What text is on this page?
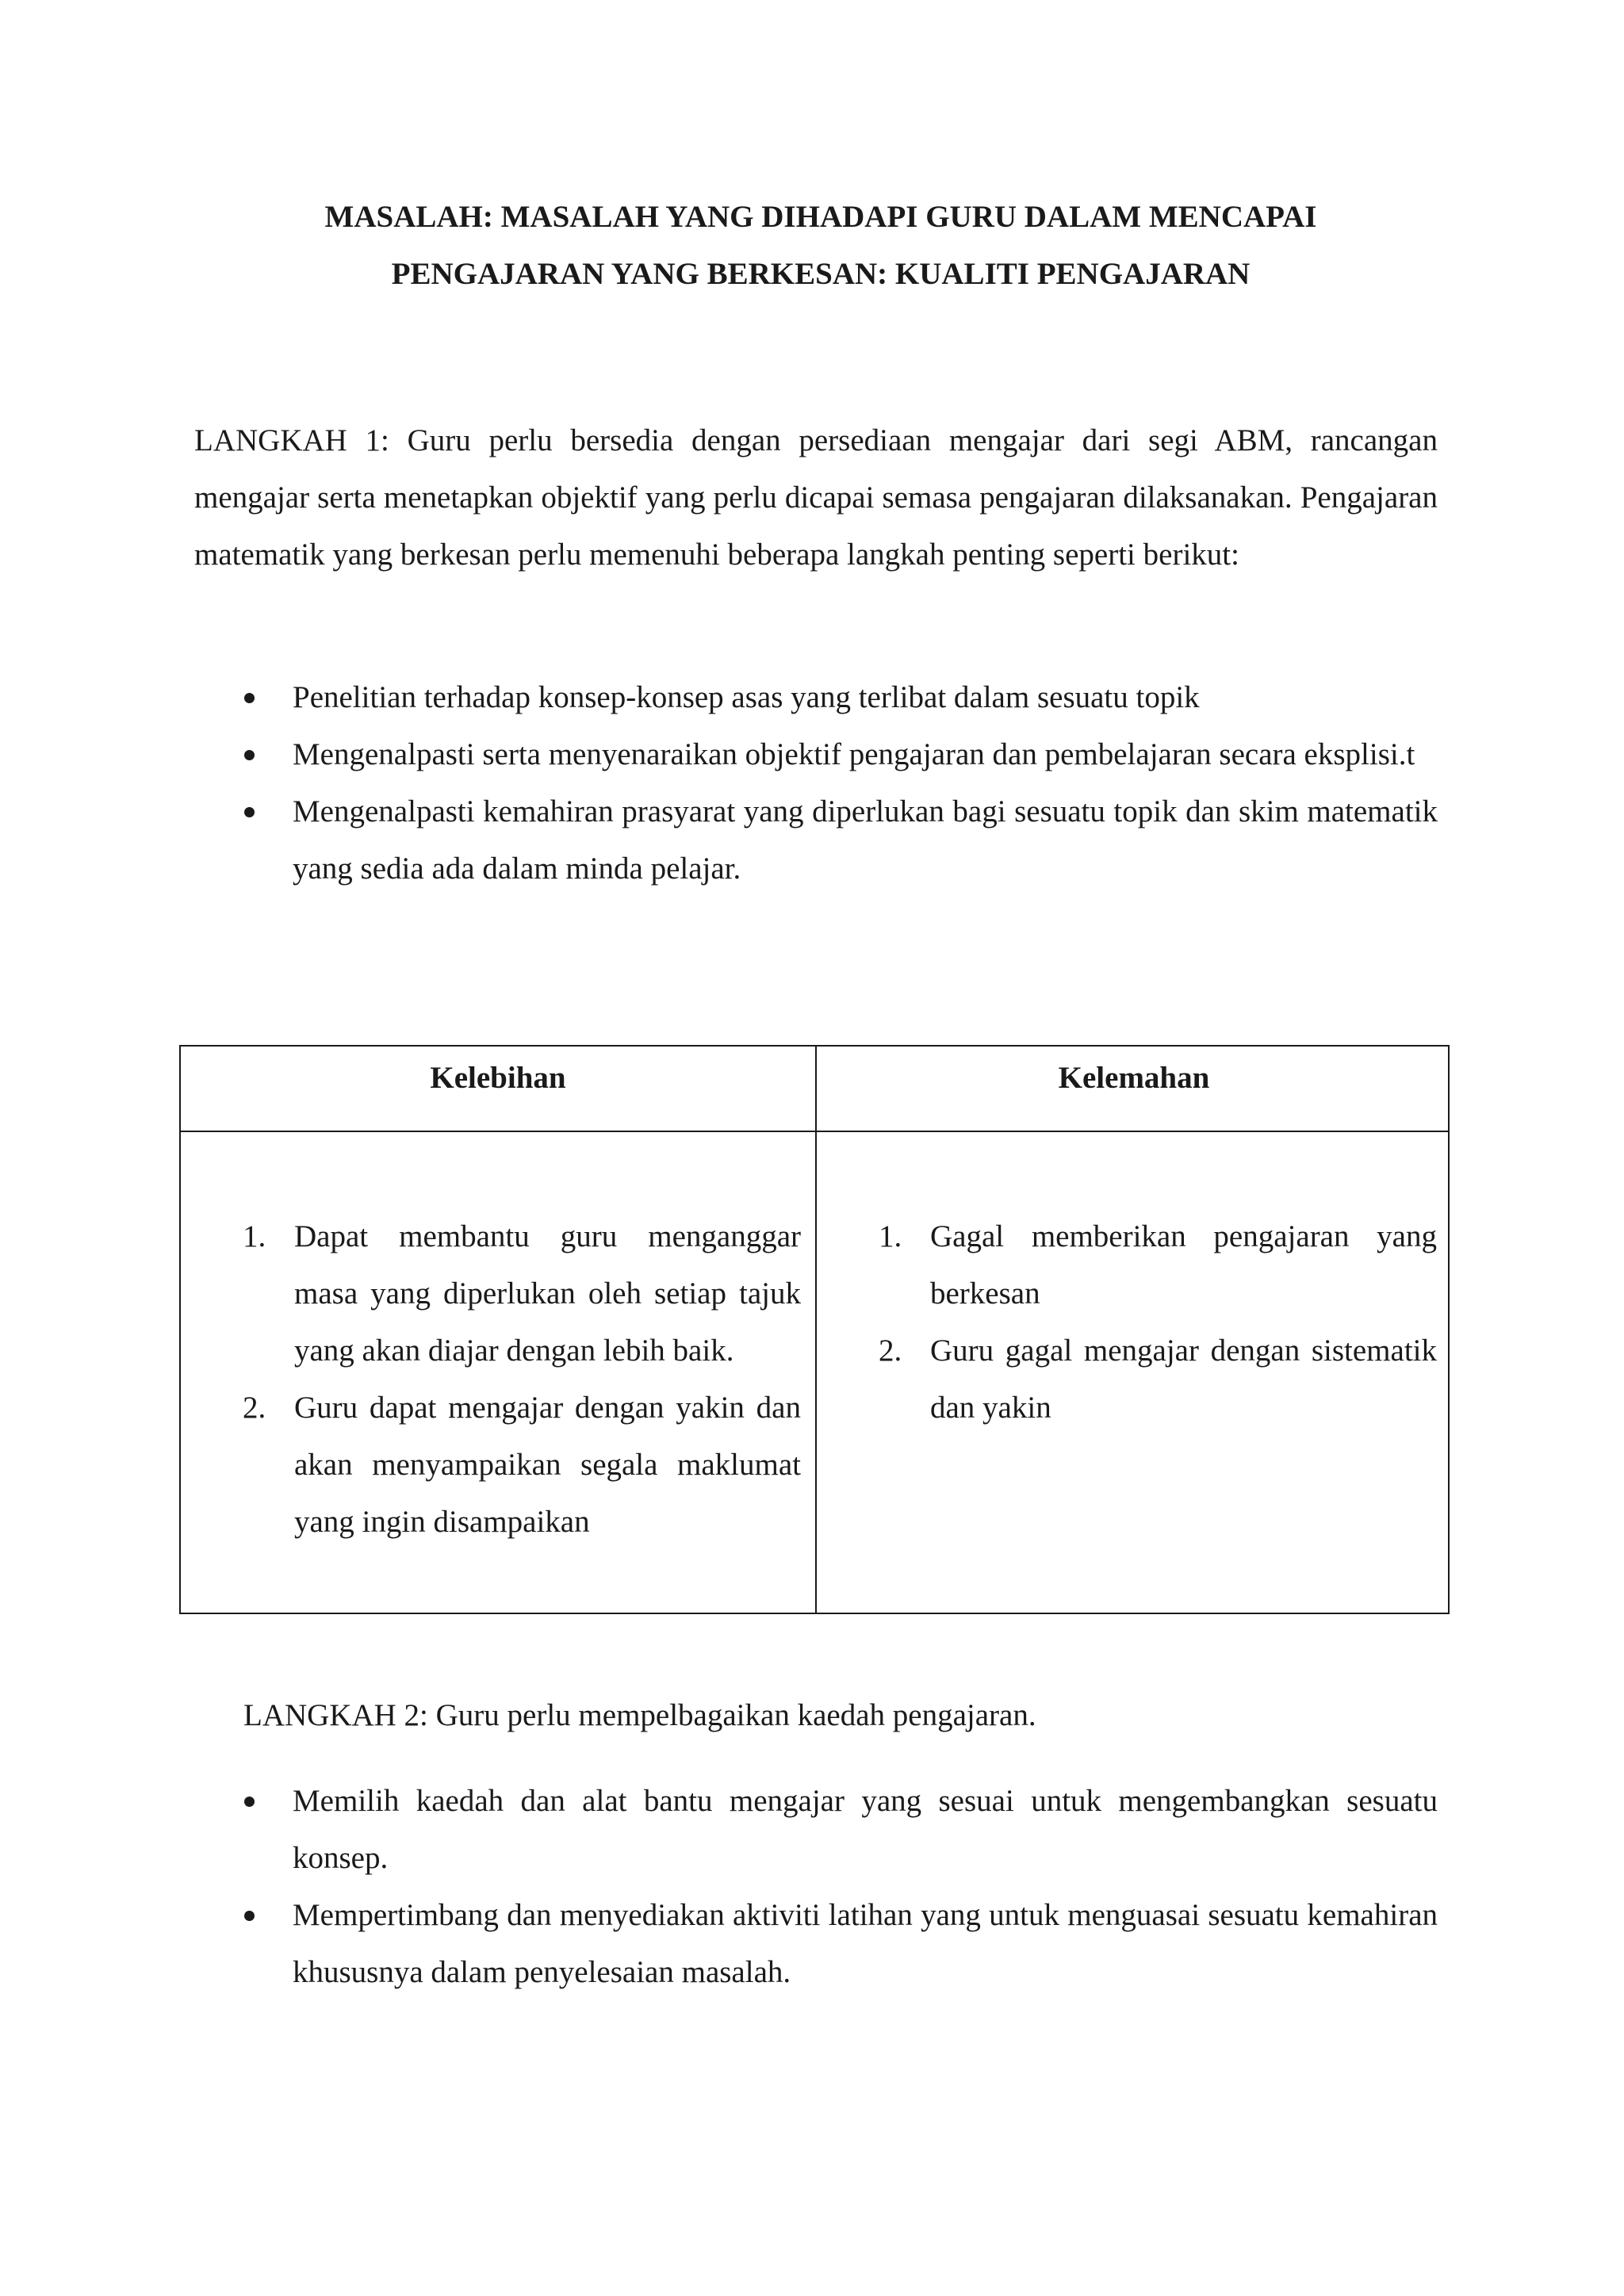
MASALAH: MASALAH YANG DIHADAPI GURU DALAM MENCAPAI
PENGAJARAN YANG BERKESAN: KUALITI PENGAJARAN

LANGKAH 1: Guru perlu bersedia dengan persediaan mengajar dari segi ABM, rancangan mengajar serta menetapkan objektif yang perlu dicapai semasa pengajaran dilaksanakan. Pengajaran matematik yang berkesan perlu memenuhi beberapa langkah penting seperti berikut:

Penelitian terhadap konsep-konsep asas yang terlibat dalam sesuatu topik
Mengenalpasti serta menyenaraikan objektif pengajaran dan pembelajaran secara eksplisi.t
Mengenalpasti kemahiran prasyarat yang diperlukan bagi sesuatu topik dan skim matematik yang sedia ada dalam minda pelajar.
Kelebihan	Kelemahan
1. Dapat membantu guru menganggar masa yang diperlukan oleh setiap tajuk yang akan diajar dengan lebih baik.
2. Guru dapat mengajar dengan yakin dan akan menyampaikan segala maklumat yang ingin disampaikan
1. Gagal memberikan pengajaran yang berkesan
2. Guru gagal mengajar dengan sistematik dan yakin

LANGKAH 2: Guru perlu mempelbagaikan kaedah pengajaran.

Memilih kaedah dan alat bantu mengajar yang sesuai untuk mengembangkan sesuatu konsep.
Mempertimbang dan menyediakan aktiviti latihan yang untuk menguasai sesuatu kemahiran khususnya dalam penyelesaian masalah.
